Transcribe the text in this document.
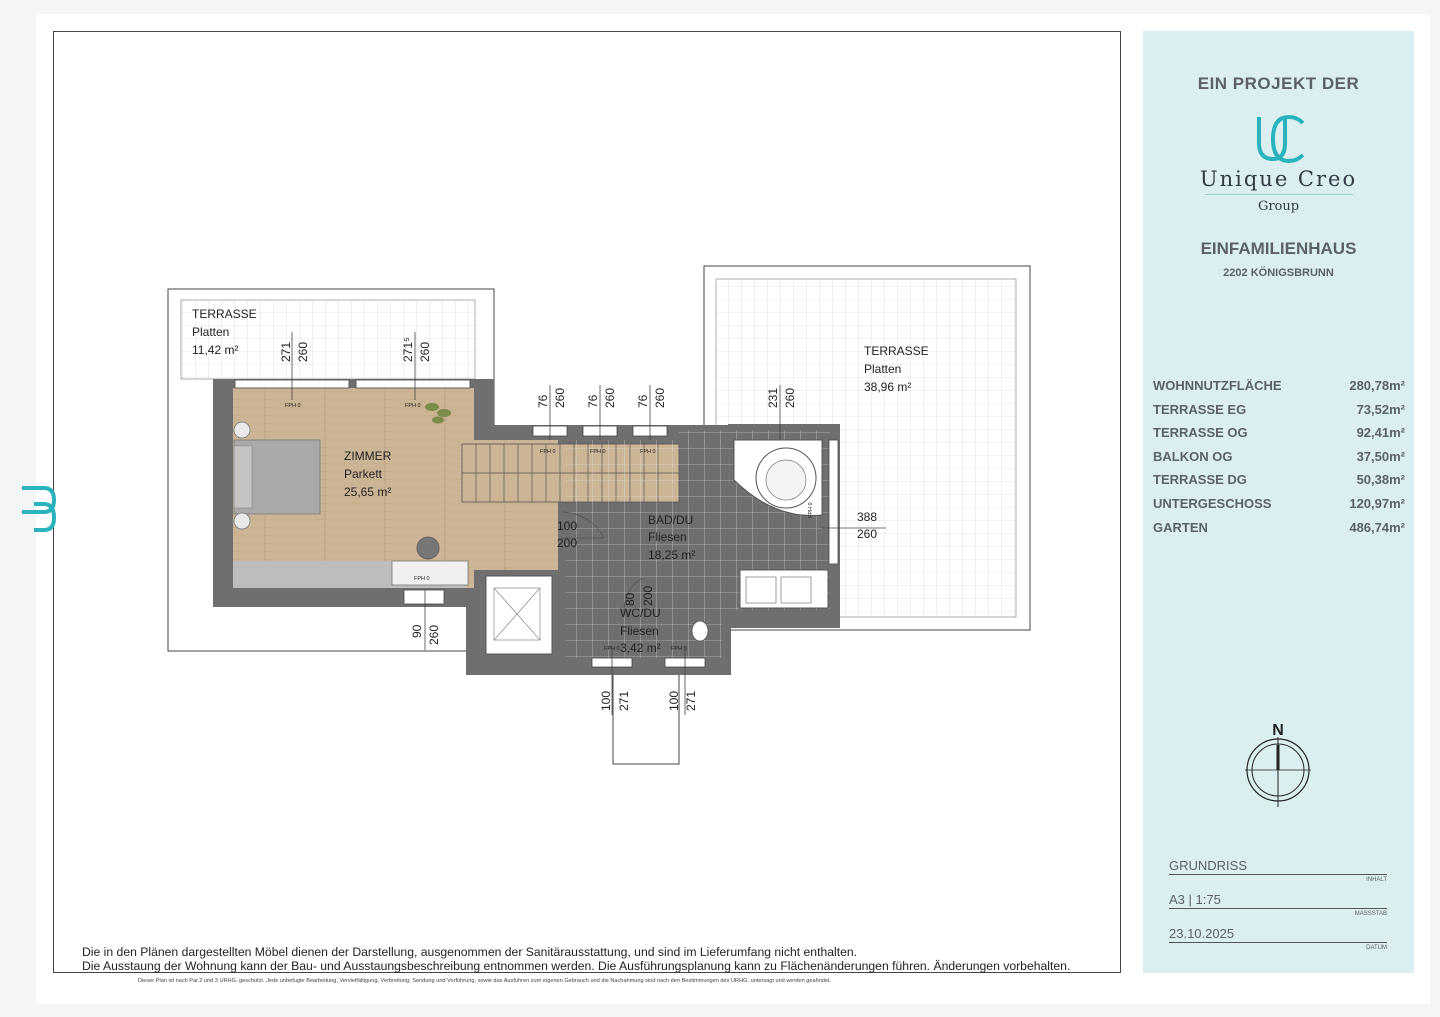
TERRASSE
Platten
11,42 m²	TERRASSE
Platten
38,96 m²
ZIMMER
Parkett
25,65 m²
BAD/DU
Fliesen
18,25 m²
WC/DU
Fliesen
3,42 m²
271 260	271⁵ 260
76 260 76 260 76 260	231 260
388
260
100
200
80 200
90 260
100 271	100 271
FPH 0	FPH 0
FPH 0	FPH 0	FPH 0
FPH 0
FPH 0	FPH 0
FPH 0
Die in den Plänen dargestellten Möbel dienen der Darstellung, ausgenommen der Sanitärausstattung, und sind im Lieferumfang nicht enthalten.
Die Ausstaung der Wohnung kann der Bau- und Ausstaungsbeschreibung entnommen werden. Die Ausführungsplanung kann zu Flächenänderungen führen. Änderungen vorbehalten.
Dieser Plan ist nach Par.2 und 3 URHG. geschützt. Jede unbefugte Bearbeitung, Vervielfältigung, Verbreitung, Sendung und Vorführung, sowie das Ausführen zum eigenen Gebrauch und die Nachahmung sind nach den Bestimmungen des URHG. untersagt und werden geahndet.
EIN PROJEKT DER
Unique Creo
Group
EINFAMILIENHAUS
2202 KÖNIGSBRUNN
WOHNNUTZFLÄCHE	280,78m²
TERRASSE EG	73,52m²
TERRASSE OG	92,41m²
BALKON OG	37,50m²
TERRASSE DG	50,38m²
UNTERGESCHOSS	120,97m²
GARTEN	486,74m²
N
GRUNDRISS
INHALT
A3 | 1:75
MASSSTAB
23.10.2025
DATUM
